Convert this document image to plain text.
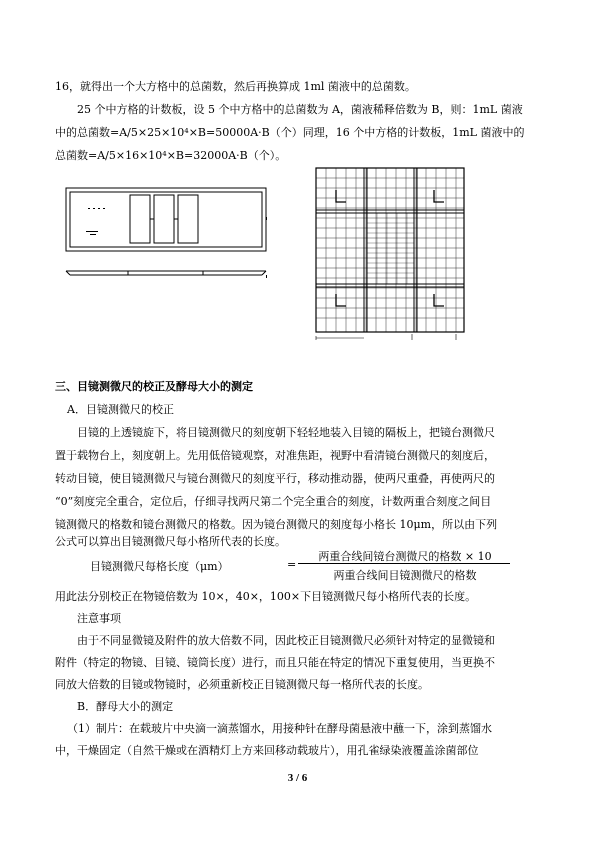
16，就得出一个大方格中的总菌数，然后再换算成 1ml 菌液中的总菌数。
25 个中方格的计数板，设 5 个中方格中的总菌数为 A，菌液稀释倍数为 B，则：1mL 菌液
中的总菌数=A/5×25×10⁴×B=50000A·B（个）同理，16 个中方格的计数板，1mL 菌液中的
总菌数=A/5×16×10⁴×B=32000A·B（个）。
三、目镜测微尺的校正及酵母大小的测定
A．目镜测微尺的校正
目镜的上透镜旋下，将目镜测微尺的刻度朝下轻轻地装入目镜的隔板上，把镜台测微尺
置于载物台上，刻度朝上。先用低倍镜观察，对准焦距，视野中看清镜台测微尺的刻度后，
转动目镜，使目镜测微尺与镜台测微尺的刻度平行，移动推动器，使两尺重叠，再使两尺的
“0”刻度完全重合，定位后，仔细寻找两尺第二个完全重合的刻度，计数两重合刻度之间目
镜测微尺的格数和镜台测微尺的格数。因为镜台测微尺的刻度每小格长 10μm，所以由下列
公式可以算出目镜测微尺每小格所代表的长度。
目镜测微尺每格长度（μm）	=
两重合线间镜台测微尺的格数 × 10
两重合线间目镜测微尺的格数
用此法分别校正在物镜倍数为 10×，40×，100×下目镜测微尺每小格所代表的长度。
注意事项
由于不同显微镜及附件的放大倍数不同，因此校正目镜测微尺必须针对特定的显微镜和
附件（特定的物镜、目镜、镜筒长度）进行，而且只能在特定的情况下重复使用，当更换不
同放大倍数的目镜或物镜时，必须重新校正目镜测微尺每一格所代表的长度。
B．酵母大小的测定
（1）制片：在载玻片中央滴一滴蒸馏水，用接种针在酵母菌悬液中蘸一下，涂到蒸馏水
中，干燥固定（自然干燥或在酒精灯上方来回移动载玻片），用孔雀绿染液覆盖涂菌部位
3 / 6
